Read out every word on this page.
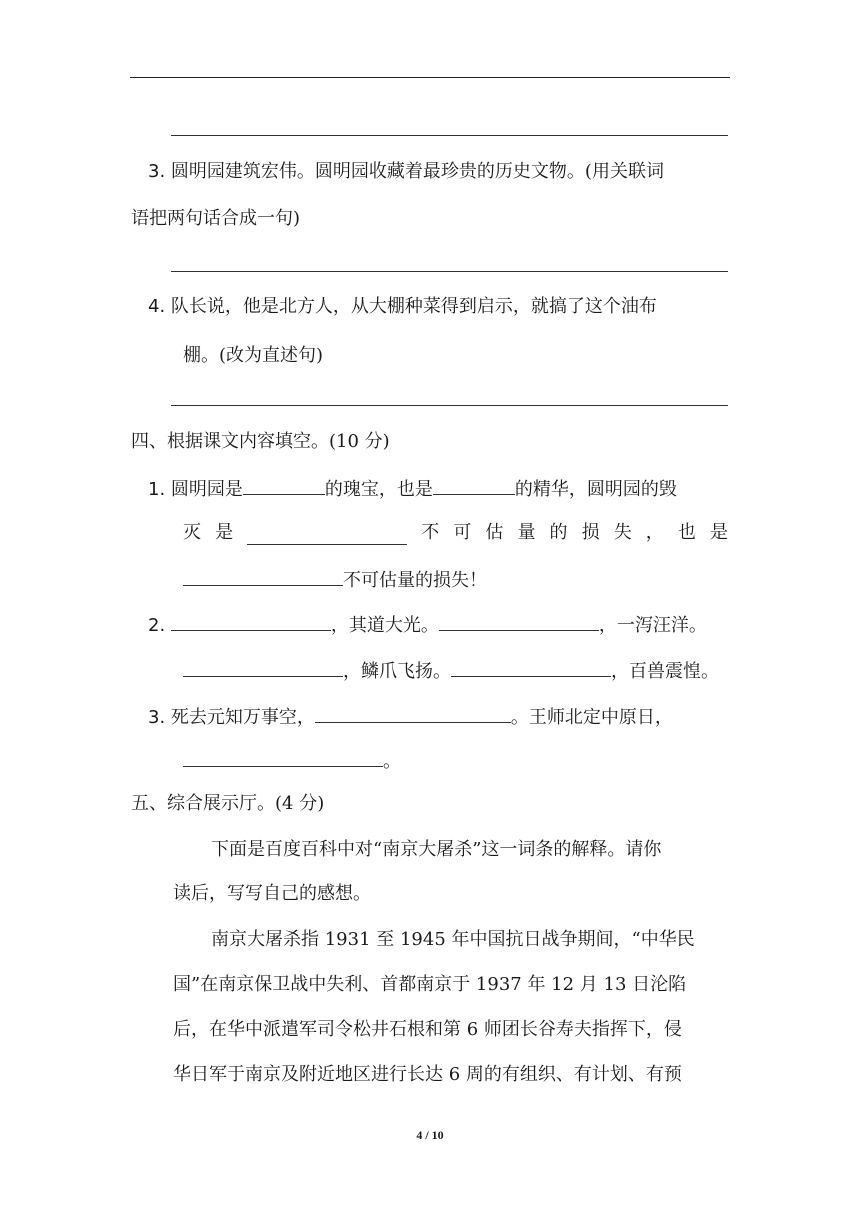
3. 圆明园建筑宏伟。圆明园收藏着最珍贵的历史文物。(用关联词
语把两句话合成一句)
4. 队长说，他是北方人，从大棚种菜得到启示，就搞了这个油布
棚。(改为直述句)
四、根据课文内容填空。(10 分)
1. 圆明园是	的瑰宝，也是	的精华，圆明园的毁
灭 是	不 可 估 量 的 损 失 ， 也 是
不可估量的损失！
2.	，其道大光。	，一泻汪洋。
，鳞爪飞扬。	，百兽震惶。
3. 死去元知万事空，	。王师北定中原日，
。
五、综合展示厅。(4 分)
下面是百度百科中对“南京大屠杀”这一词条的解释。请你
读后，写写自己的感想。
南京大屠杀指 1931 至 1945 年中国抗日战争期间，“中华民
国”在南京保卫战中失利、首都南京于 1937 年 12 月 13 日沦陷
后，在华中派遣军司令松井石根和第 6 师团长谷寿夫指挥下，侵
华日军于南京及附近地区进行长达 6 周的有组织、有计划、有预
4 / 10
